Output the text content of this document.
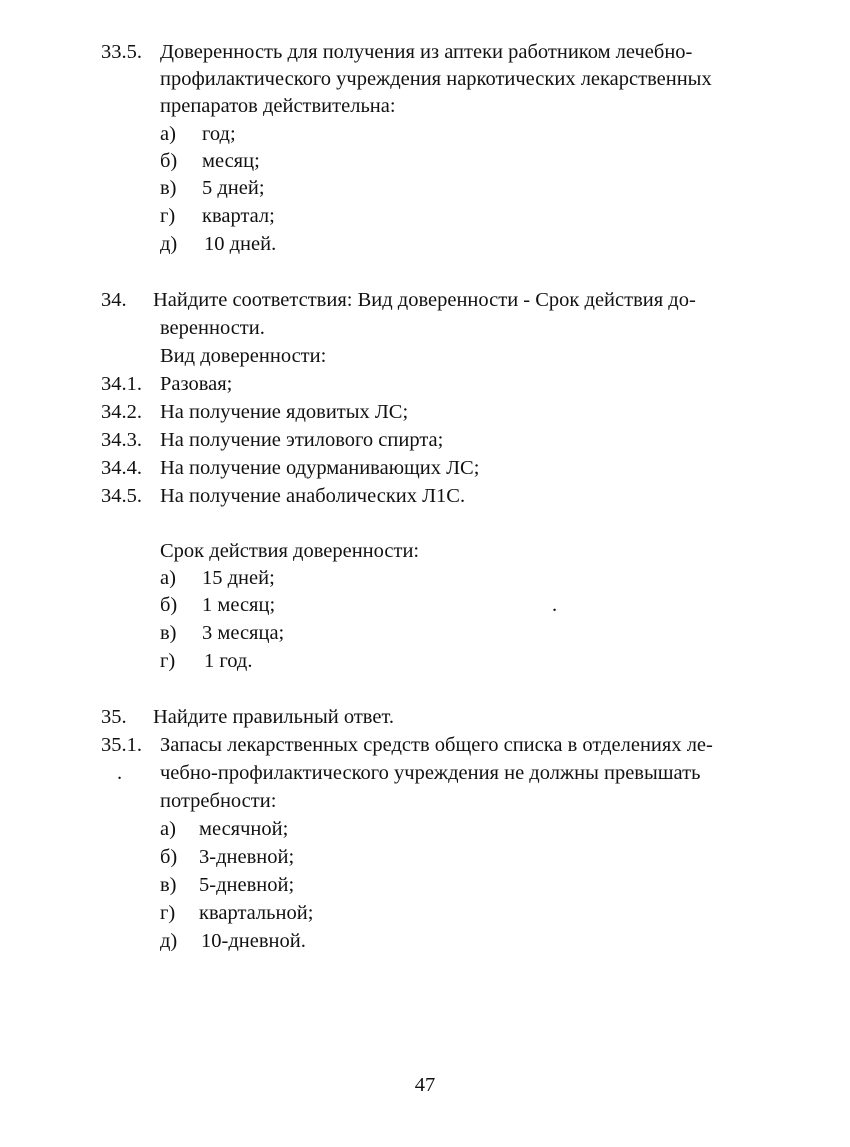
33.5. Доверенность для получения из аптеки работником лечебно-
профилактического учреждения наркотических лекарственных
препаратов действительна:
а) год;
б) месяц;
в) 5 дней;
г) квартал;
д) 10 дней.
34. Найдите соответствия: Вид доверенности - Срок действия до-
веренности.
Вид доверенности:
34.1. Разовая;
34.2. На получение ядовитых ЛС;
34.3. На получение этилового спирта;
34.4. На получение одурманивающих ЛС;
34.5. На получение анаболических Л1С.
Срок действия доверенности:
а) 15 дней;
б) 1 месяц;	.
в) 3 месяца;
г) 1 год.
35. Найдите правильный ответ.
35.1. Запасы лекарственных средств общего списка в отделениях ле-
. чебно-профилактического учреждения не должны превышать
потребности:
а) месячной;
б) 3-дневной;
в) 5-дневной;
г) квартальной;
д) 10-дневной.
47
